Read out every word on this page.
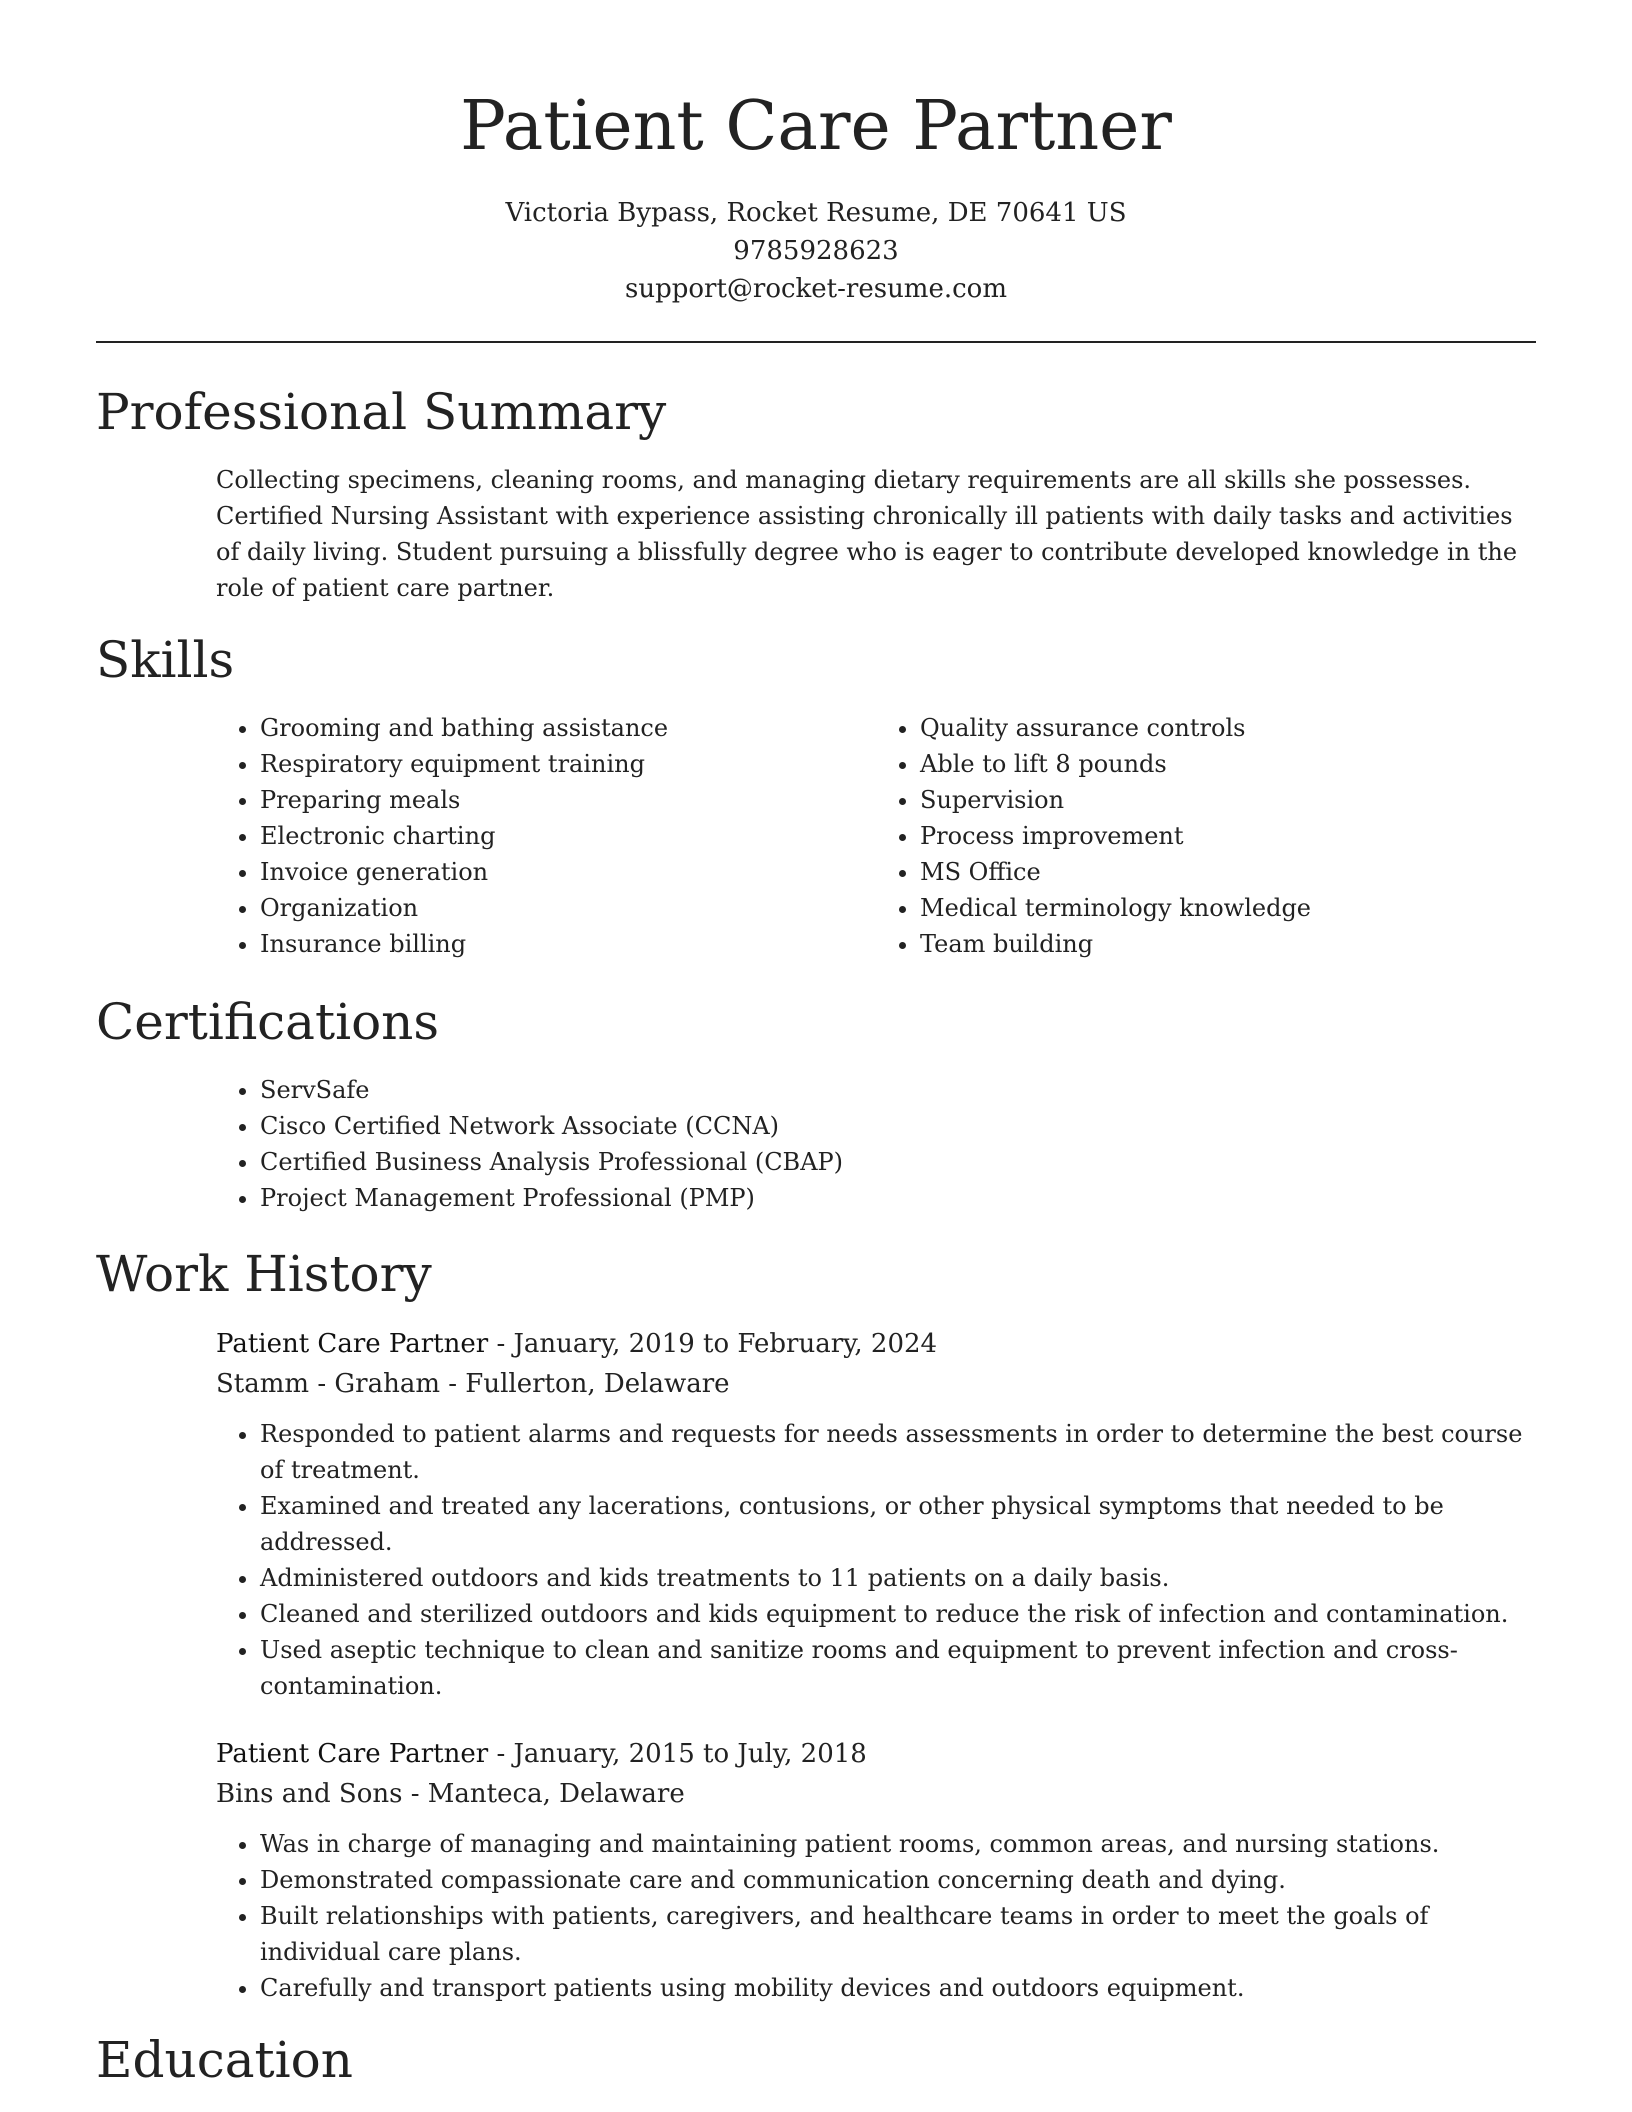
Patient Care Partner
Victoria Bypass, Rocket Resume, DE 70641 US
9785928623
support@rocket-resume.com
Professional Summary

Collecting specimens, cleaning rooms, and managing dietary requirements are all skills she possesses. Certified Nursing Assistant with experience assisting chronically ill patients with daily tasks and activities of daily living. Student pursuing a blissfully degree who is eager to contribute developed knowledge in the role of patient care partner.

Skills
• Grooming and bathing assistance
• Respiratory equipment training
• Preparing meals
• Electronic charting
• Invoice generation
• Organization
• Insurance billing
• Quality assurance controls
• Able to lift 8 pounds
• Supervision
• Process improvement
• MS Office
• Medical terminology knowledge
• Team building
Certifications
• ServSafe
• Cisco Certified Network Associate (CCNA)
• Certified Business Analysis Professional (CBAP)
• Project Management Professional (PMP)
Work History
Patient Care Partner - January, 2019 to February, 2024
Stamm - Graham - Fullerton, Delaware
• Responded to patient alarms and requests for needs assessments in order to determine the best course of treatment.
• Examined and treated any lacerations, contusions, or other physical symptoms that needed to be addressed.
• Administered outdoors and kids treatments to 11 patients on a daily basis.
• Cleaned and sterilized outdoors and kids equipment to reduce the risk of infection and contamination.
• Used aseptic technique to clean and sanitize rooms and equipment to prevent infection and cross-contamination.
Patient Care Partner - January, 2015 to July, 2018
Bins and Sons - Manteca, Delaware
• Was in charge of managing and maintaining patient rooms, common areas, and nursing stations.
• Demonstrated compassionate care and communication concerning death and dying.
• Built relationships with patients, caregivers, and healthcare teams in order to meet the goals of individual care plans.
• Carefully and transport patients using mobility devices and outdoors equipment.
Education
